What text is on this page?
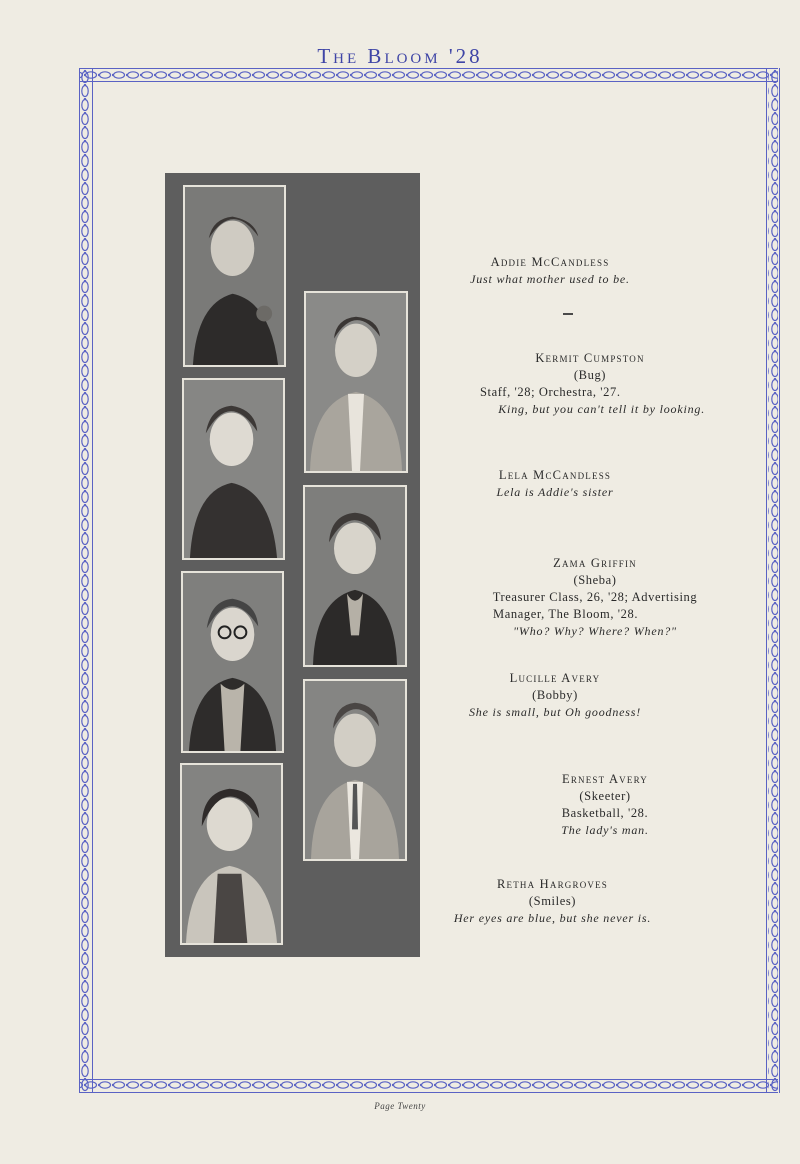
The Bloom '28
Addie McCandless
Just what mother used to be.
Kermit Cumpston
(Bug)
Staff, '28; Orchestra, '27.
King, but you can't tell it by looking.
Lela McCandless
Lela is Addie's sister
Zama Griffin
(Sheba)
Treasurer Class, 26, '28; Advertising
Manager, The Bloom, '28.
"Who? Why? Where? When?"
Lucille Avery
(Bobby)
She is small, but Oh goodness!
Ernest Avery
(Skeeter)
Basketball, '28.
The lady's man.
Retha Hargroves
(Smiles)
Her eyes are blue, but she never is.
Page Twenty
